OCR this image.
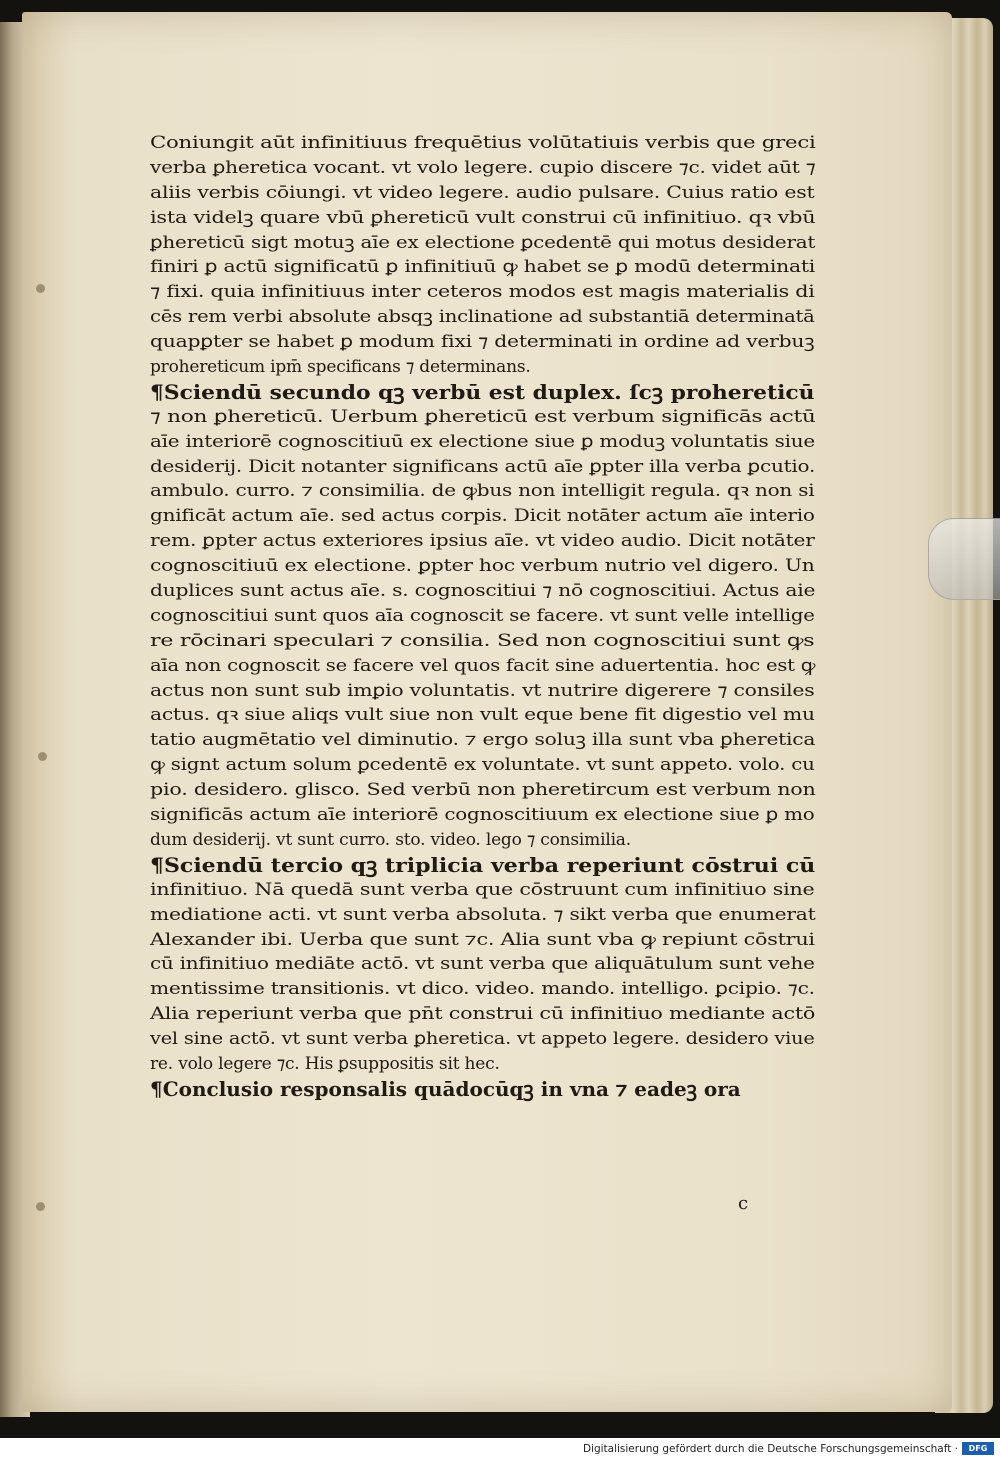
Coniungit aūt infinitiuus frequētius volūtatiuis verbis que greci
verba ꝑheretica vocant. vt volo legere. cupio discere ⁊c. videt aūt ⁊
aliis verbis cōiungi. vt video legere. audio pulsare. Cuius ratio est
ista videlꝫ quare vbū ꝑhereticū vult construi cū infinitiuo. qꝛ vbū
ꝑhereticū sigt motuꝫ aīe ex electione ꝑcedentē qui motus desiderat
finiri ꝑ actū significatū ꝑ infinitiuū ꝙ habet se ꝑ modū determinati
⁊ fixi. quia infinitiuus inter ceteros modos est magis materialis di
cēs rem verbi absolute absqꝫ inclinatione ad substantiā determinatā
quapꝑter se habet ꝑ modum fixi ⁊ determinati in ordine ad verbuꝫ
prohereticum ipm̄ specificans ⁊ determinans.
¶Sciendū secundo qꝫ verbū est duplex. ſcꝫ prohereticū
⁊ non ꝑhereticū. Uerbum ꝑhereticū est verbum significās actū
aīe interiorē cognoscitiuū ex electione siue ꝑ moduꝫ voluntatis siue
desiderij. Dicit notanter significans actū aīe ꝑpter illa verba ꝑcutio.
ambulo. curro. ⁊ consimilia. de ꝙbus non intelligit regula. qꝛ non si
gnificāt actum aīe. sed actus corpis. Dicit notāter actum aīe interio
rem. ꝑpter actus exteriores ipsius aīe. vt video audio. Dicit notāter
cognoscitiuū ex electione. ꝑpter hoc verbum nutrio vel digero. Un
duplices sunt actus aīe. s. cognoscitiui ⁊ nō cognoscitiui. Actus aie
cognoscitiui sunt quos aīa cognoscit se facere. vt sunt velle intellige
re rōcinari speculari ⁊ consilia. Sed non cognoscitiui sunt ꝙs
aīa non cognoscit se facere vel quos facit sine aduertentia. hoc est ꝙ
actus non sunt sub imꝑio voluntatis. vt nutrire digerere ⁊ consiles
actus. qꝛ siue aliqs vult siue non vult eque bene fit digestio vel mu
tatio augmētatio vel diminutio. ⁊ ergo soluꝫ illa sunt vba ꝑheretica
ꝙ signt actum solum ꝑcedentē ex voluntate. vt sunt appeto. volo. cu
pio. desidero. glisco. Sed verbū non pheretircum est verbum non
significās actum aīe interiorē cognoscitiuum ex electione siue ꝑ mo
dum desiderij. vt sunt curro. sto. video. lego ⁊ consimilia.
¶Sciendū tercio qꝫ triplicia verba reperiunt cōstrui cū
infinitiuo. Nā quedā sunt verba que cōstruunt cum infinitiuo sine
mediatione acti. vt sunt verba absoluta. ⁊ sikt verba que enumerat
Alexander ibi. Uerba que sunt ⁊c. Alia sunt vba ꝙ repiunt cōstrui
cū infinitiuo mediāte actō. vt sunt verba que aliquātulum sunt vehe
mentissime transitionis. vt dico. video. mando. intelligo. ꝑcipio. ⁊c.
Alia reperiunt verba que pn̄t construi cū infinitiuo mediante actō
vel sine actō. vt sunt verba ꝑheretica. vt appeto legere. desidero viue
re. volo legere ⁊c. His ꝑsuppositis sit hec.
¶Conclusio responsalis quādocūqꝫ in vna ⁊ eadeꝫ ora
c
Digitalisierung gefördert durch die Deutsche Forschungsgemeinschaft ·	DFG
